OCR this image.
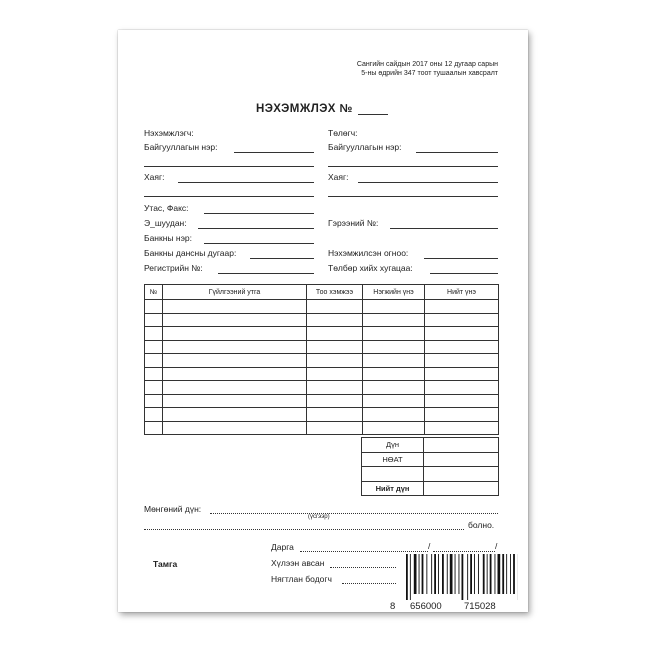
Сангийн сайдын 2017 оны 12 дугаар сарын
5-ны өдрийн 347 тоот тушаалын хавсралт
НЭХЭМЖЛЭХ №
Нэхэмжлэгч:
Байгууллагын нэр:
Хаяг:
Утас, Факс:
Э_шуудан:
Банкны нэр:
Банкны дансны дугаар:
Регистрийн №:
Төлөгч:
Байгууллагын нэр:
Хаяг:
Гэрээний №:
Нэхэмжилсэн огноо:
Төлбөр хийх хугацаа:
№	Гүйлгээний утга	Тоо хэмжээ	Нэгжийн үнэ	Нийт үнэ

Дүн	
НӨАТ	

Нийт дүн	
Мөнгөний дүн:
(үсгээр)
болно.
Дарга	/	/
Тамга	Хүлээн авсан
Нягтлан бодогч
8 656000 715028
